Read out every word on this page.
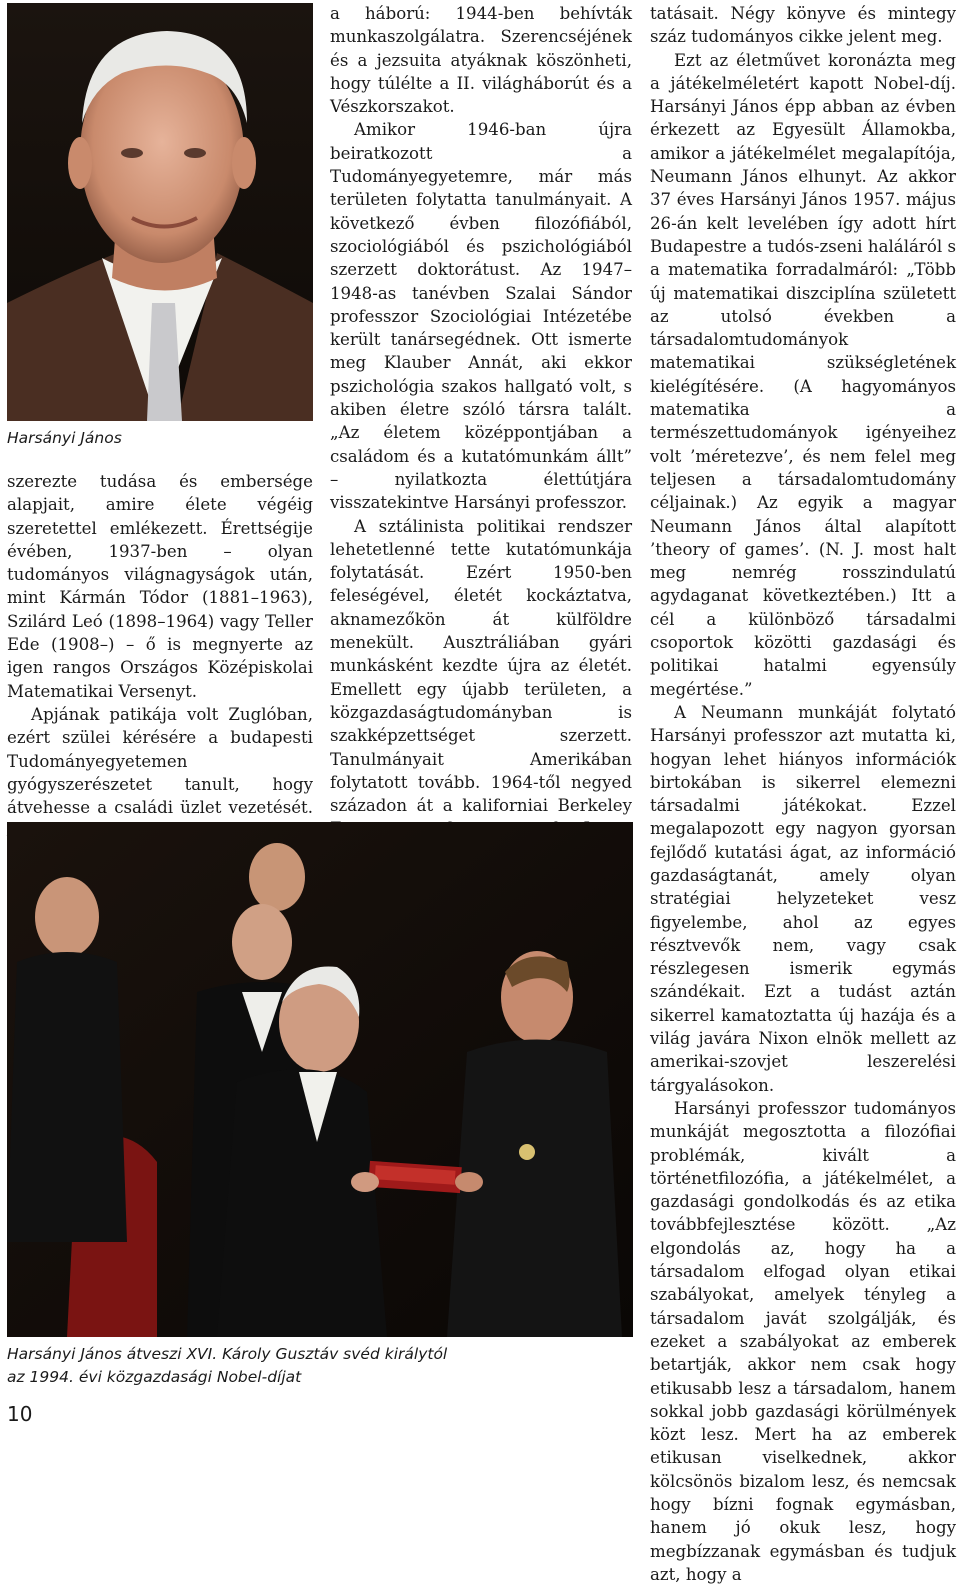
Harsányi János

szerezte tudása és embersége alapjait, amire élete végéig szeretettel emlékezett. Érettségije évében, 1937-ben – olyan tudományos világnagyságok után, mint Kármán Tódor (1881–1963), Szilárd Leó (1898–1964) vagy Teller Ede (1908–) – ő is megnyerte az igen rangos Országos Középiskolai Matematikai Versenyt.

Apjának patikája volt Zuglóban, ezért szülei kérésére a budapesti Tudományegyetemen gyógyszerészetet tanult, hogy átvehesse a családi üzlet vezetését.

a háború: 1944-ben behívták munkaszolgálatra. Szerencséjének és a jezsuita atyáknak köszönheti, hogy túlélte a II. világháborút és a Vészkorszakot.

Amikor 1946-ban újra beiratkozott a Tudományegyetemre, már más területen folytatta tanulmányait. A következő évben filozófiából, szociológiából és pszichológiából szerzett doktorátust. Az 1947–1948-as tanévben Szalai Sándor professzor Szociológiai Intézetébe került tanársegédnek. Ott ismerte meg Klauber Annát, aki ekkor pszichológia szakos hallgató volt, s akiben életre szóló társra talált. „Az életem középpontjában a családom és a kutatómunkám állt” – nyilatkozta élettútjára visszatekintve Harsányi professzor.

A sztálinista politikai rendszer lehetetlenné tette kutatómunkája folytatását. Ezért 1950-ben feleségével, életét kockáztatva, aknamezőkön át külföldre menekült. Ausztráliában gyári munkásként kezdte újra az életét. Emellett egy újabb területen, a közgazdaságtudományban is szakképzettséget szerzett. Tanulmányait Amerikában folytatott tovább. 1964-től negyed századon át a kaliforniai Berkeley

tatásait. Négy könyve és mintegy száz tudományos cikke jelent meg.

Ezt az életművet koronázta meg a játékelméletért kapott Nobel-díj. Harsányi János épp abban az évben érkezett az Egyesült Államokba, amikor a játékelmélet megalapítója, Neumann János elhunyt. Az akkor 37 éves Harsányi János 1957. május 26-án kelt levelében így adott hírt Budapestre a tudós-zseni haláláról s a matematika forradalmáról: „Több új matematikai diszciplína született az utolsó években a társadalomtudományok matematikai szükségletének kielégítésére. (A hagyományos matematika a természettudományok igényeihez volt ’méretezve’, és nem felel meg teljesen a társadalomtudomány céljainak.) Az egyik a magyar Neumann János által alapított ’theory of games’. (N. J. most halt meg nemrég rosszindulatú agydaganat következtében.) Itt a cél a különböző társadalmi csoportok közötti gazdasági és politikai hatalmi egyensúly megértése.”

A Neumann munkáját folytató Harsányi professzor azt mutatta ki, hogyan lehet hiányos információk birtokában is sikerrel elemezni társadalmi játékokat. Ezzel megalapozott egy nagyon gyorsan fejlődő kutatási ágat, az információ gazdaságtanát, amely olyan stratégiai helyzeteket vesz figyelembe, ahol az egyes résztvevők nem, vagy csak részlegesen ismerik egymás szándékait. Ezt a tudást aztán sikerrel kamatoztatta új hazája és a világ javára Nixon elnök mellett az amerikai-szovjet leszerelési tárgyalásokon.

Harsányi professzor tudományos munkáját megosztotta a filozófiai problémák, kivált a történetfilozófia, a játékelmélet, a gazdasági gondolkodás és az etika továbbfejlesztése között. „Az elgondolás az, hogy ha a társadalom elfogad olyan etikai szabályokat, amelyek tényleg a társadalom javát szolgálják, és ezeket a szabályokat az emberek betartják, akkor nem csak hogy etikusabb lesz a társadalom, hanem sokkal jobb gazdasági körülmények közt lesz. Mert ha az emberek etikusan viselkednek, akkor kölcsönös bizalom lesz, és nemcsak hogy bízni fognak egymásban, hanem jó okuk lesz, hogy megbízzanak egymásban és tudjuk azt, hogy a

Harsányi János átveszi XVI. Károly Gusztáv svéd királytól
az 1994. évi közgazdasági Nobel-díjat
10
